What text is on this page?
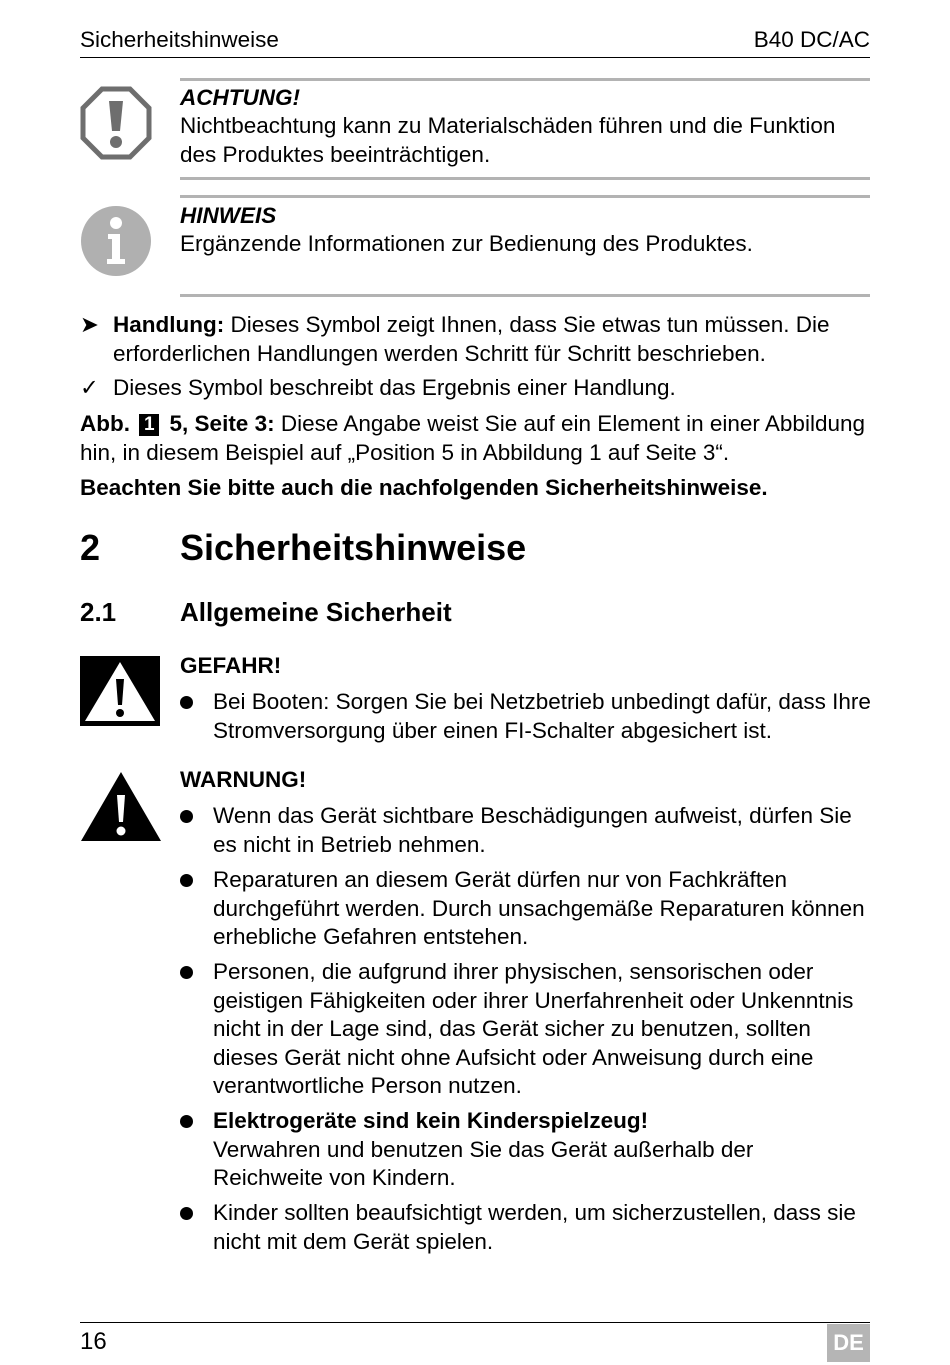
Sicherheitshinweise	B40 DC/AC
ACHTUNG!
Nichtbeachtung kann zu Materialschäden führen und die Funktion des Produktes beeinträchtigen.
HINWEIS
Ergänzende Informationen zur Bedienung des Produktes.
➤ Handlung: Dieses Symbol zeigt Ihnen, dass Sie etwas tun müssen. Die erforderlichen Handlungen werden Schritt für Schritt beschrieben.
✓ Dieses Symbol beschreibt das Ergebnis einer Handlung.
Abb. 1 5, Seite 3: Diese Angabe weist Sie auf ein Element in einer Abbildung hin, in diesem Beispiel auf „Position 5 in Abbildung 1 auf Seite 3“.
Beachten Sie bitte auch die nachfolgenden Sicherheitshinweise.
2 Sicherheitshinweise
2.1 Allgemeine Sicherheit
GEFAHR!
Bei Booten: Sorgen Sie bei Netzbetrieb unbedingt dafür, dass Ihre Stromversorgung über einen FI-Schalter abgesichert ist.
WARNUNG!
Wenn das Gerät sichtbare Beschädigungen aufweist, dürfen Sie es nicht in Betrieb nehmen.
Reparaturen an diesem Gerät dürfen nur von Fachkräften durchgeführt werden. Durch unsachgemäße Reparaturen können erhebliche Gefahren entstehen.
Personen, die aufgrund ihrer physischen, sensorischen oder geistigen Fähigkeiten oder ihrer Unerfahrenheit oder Unkenntnis nicht in der Lage sind, das Gerät sicher zu benutzen, sollten dieses Gerät nicht ohne Aufsicht oder Anweisung durch eine verantwortliche Person nutzen.
Elektrogeräte sind kein Kinderspielzeug!
Verwahren und benutzen Sie das Gerät außerhalb der Reichweite von Kindern.
Kinder sollten beaufsichtigt werden, um sicherzustellen, dass sie nicht mit dem Gerät spielen.
16	DE
